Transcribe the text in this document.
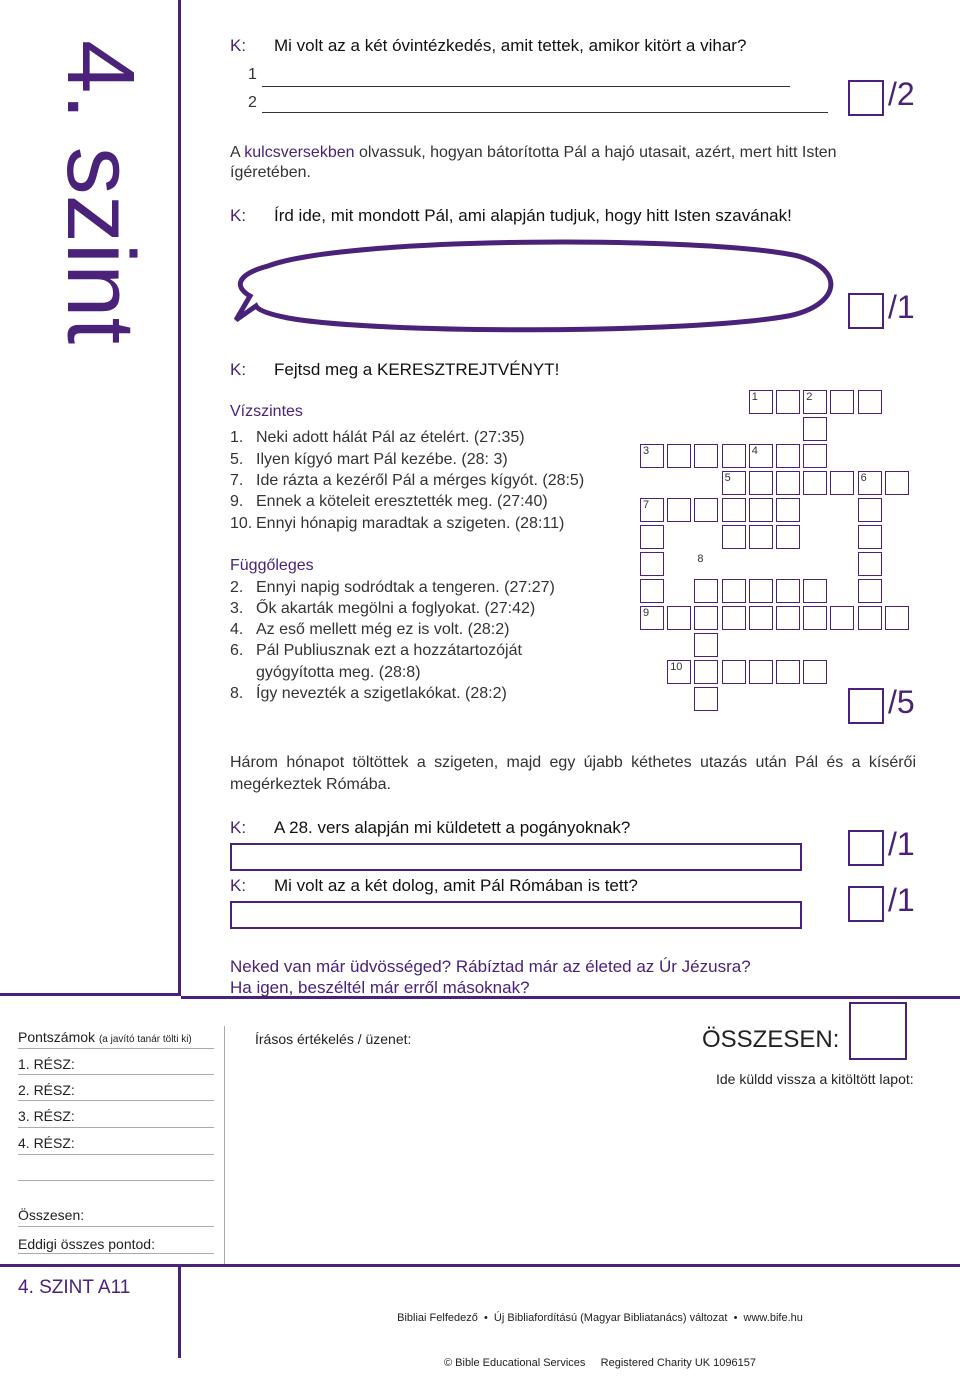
4. szint	K: Mi volt az a két óvintézkedés, amit tettek, amikor kitört a vihar?
1
2	/2
A kulcsversekben olvassuk, hogyan bátorította Pál a hajó utasait, azért, mert hitt Isten ígéretében.
K: Írd ide, mit mondott Pál, ami alapján tudjuk, hogy hitt Isten szavának!
/1
K: Fejtsd meg a KERESZTREJTVÉNYT!
Vízszintes
1. Neki adott hálát Pál az ételért. (27:35)
5. Ilyen kígyó mart Pál kezébe. (28: 3)
7. Ide rázta a kezéről Pál a mérges kígyót. (28:5)
9. Ennek a köteleit eresztették meg. (27:40)
10. Ennyi hónapig maradtak a szigeten. (28:11)
Függőleges
2. Ennyi napig sodródtak a tengeren. (27:27)
3. Ők akarták megölni a foglyokat. (27:42)
4. Az eső mellett még ez is volt. (28:2)
6. Pál Publiusznak ezt a hozzátartozóját
gyógyította meg. (28:8)
8. Így nevezték a szigetlakókat. (28:2)
1	2
3	4
5	6
7
8
9
10
/5
Három hónapot töltöttek a szigeten, majd egy újabb kéthetes utazás után Pál és a kísérői megérkeztek Rómába.
K: A 28. vers alapján mi küldetett a pogányoknak?	/1
K: Mi volt az a két dolog, amit Pál Rómában is tett?	/1
Neked van már üdvösséged? Rábíztad már az életed az Úr Jézusra?
Ha igen, beszéltél már erről másoknak?
Pontszámok (a javító tanár tölti ki)
1. RÉSZ:
2. RÉSZ:
3. RÉSZ:
4. RÉSZ:
Összesen:
Eddigi összes pontod:
Írásos értékelés / üzenet:	ÖSSZESEN:
Ide küldd vissza a kitöltött lapot:
4. SZINT A11

Bibliai Felfedező  •  Új Bibliafordítású (Magyar Bibliatanács) változat  •  www.bife.hu

© Bible Educational Services     Registered Charity UK 1096157
